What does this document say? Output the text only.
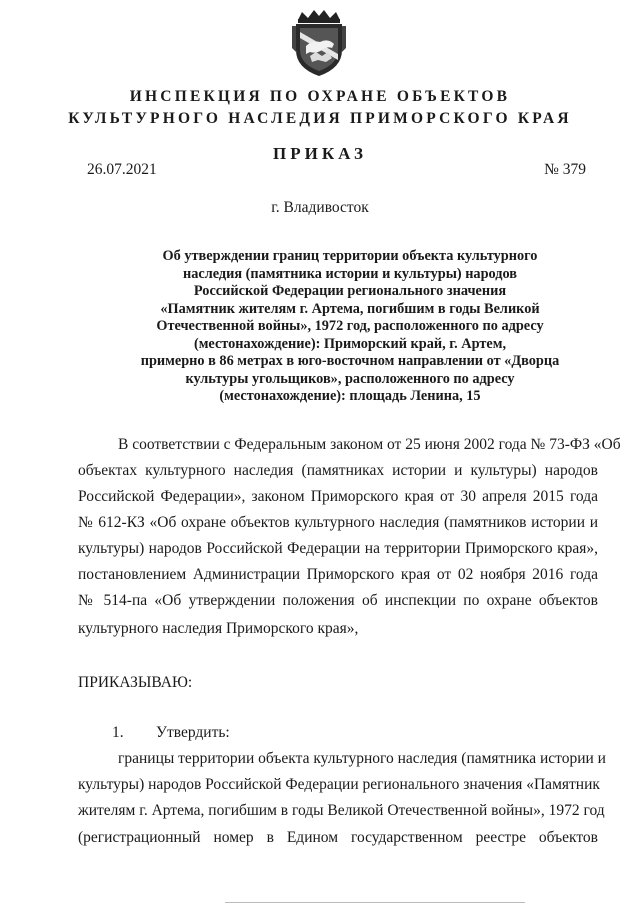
ИНСПЕКЦИЯ ПО ОХРАНЕ ОБЪЕКТОВ
КУЛЬТУРНОГО НАСЛЕДИЯ ПРИМОРСКОГО КРАЯ
ПРИКАЗ
26.07.2021	№ 379
г. Владивосток
Об утверждении границ территории объекта культурного
наследия (памятника истории и культуры) народов
Российской Федерации регионального значения
«Памятник жителям г. Артема, погибшим в годы Великой
Отечественной войны», 1972 год, расположенного по адресу
(местонахождение): Приморский край, г. Артем,
примерно в 86 метрах в юго-восточном направлении от «Дворца
культуры угольщиков», расположенного по адресу
(местонахождение): площадь Ленина, 15
В соответствии с Федеральным законом от 25 июня 2002 года № 73-ФЗ «Об
объектах культурного наследия (памятниках истории и культуры) народов
Российской Федерации», законом Приморского края от 30 апреля 2015 года
№ 612-КЗ «Об охране объектов культурного наследия (памятников истории и
культуры) народов Российской Федерации на территории Приморского края»,
постановлением Администрации Приморского края от 02 ноября 2016 года
№ 514-па «Об утверждении положения об инспекции по охране объектов
культурного наследия Приморского края»,
ПРИКАЗЫВАЮ:
1.	Утвердить:
границы территории объекта культурного наследия (памятника истории и
культуры) народов Российской Федерации регионального значения «Памятник
жителям г. Артема, погибшим в годы Великой Отечественной войны», 1972 год
(регистрационный номер в Едином государственном реестре объектов
